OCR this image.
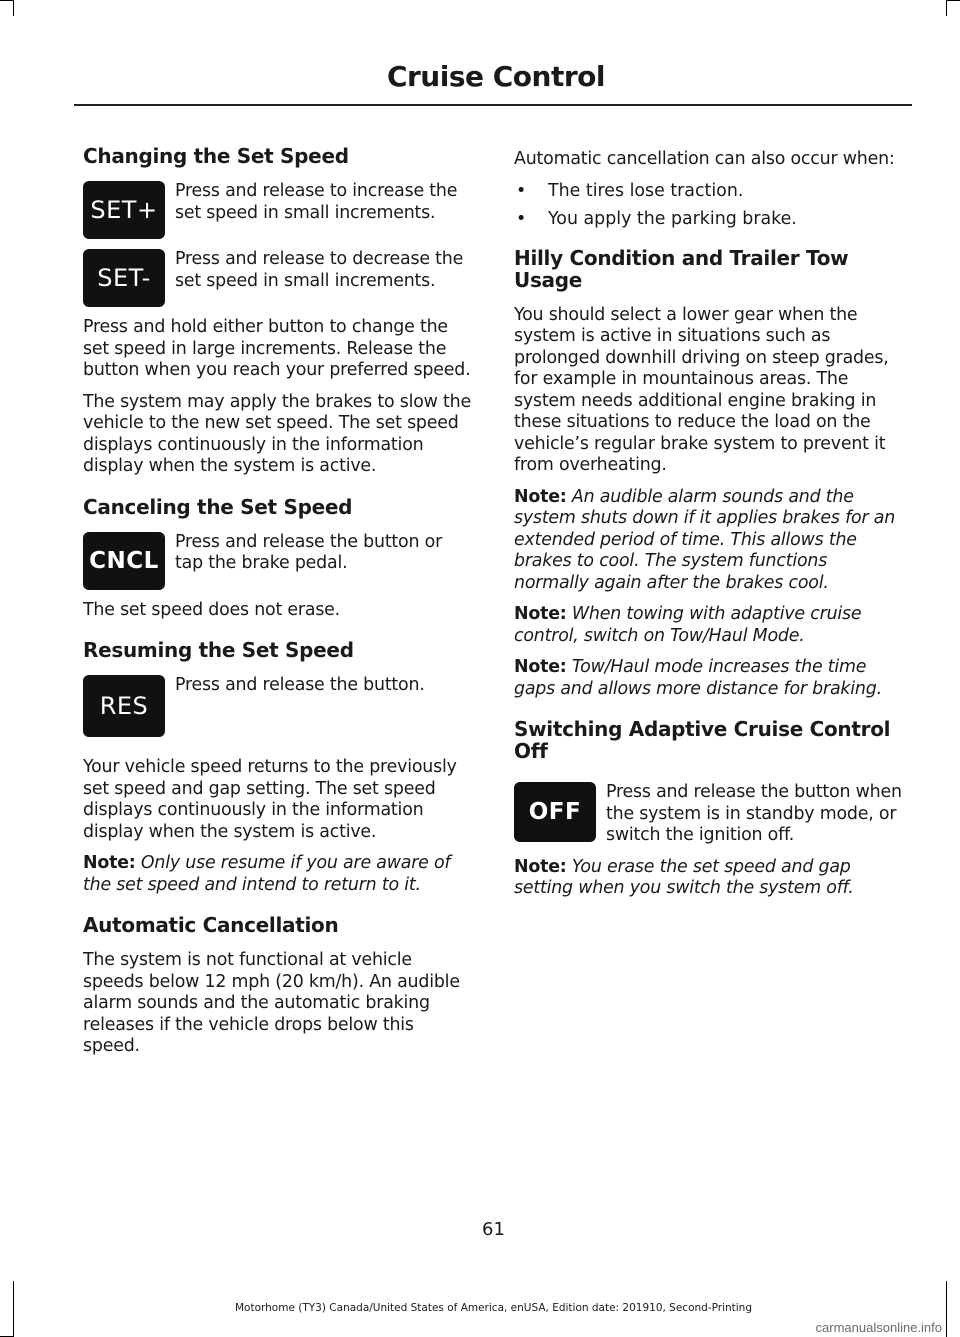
Cruise Control
Changing the Set Speed
SET+

Press and release to increase the set speed in small increments.

SET-

Press and release to decrease the set speed in small increments.

Press and hold either button to change the set speed in large increments. Release the button when you reach your preferred speed.

The system may apply the brakes to slow the vehicle to the new set speed. The set speed displays continuously in the information display when the system is active.

Canceling the Set Speed
CNCL

Press and release the button or tap the brake pedal.

The set speed does not erase.

Resuming the Set Speed
RES

Press and release the button.

Your vehicle speed returns to the previously set speed and gap setting. The set speed displays continuously in the information display when the system is active.

Note: Only use resume if you are aware of the set speed and intend to return to it.

Automatic Cancellation

The system is not functional at vehicle speeds below 12 mph (20 km/h). An audible alarm sounds and the automatic braking releases if the vehicle drops below this speed.

Automatic cancellation can also occur when:

• The tires lose traction.
• You apply the parking brake.
Hilly Condition and Trailer Tow Usage

You should select a lower gear when the system is active in situations such as prolonged downhill driving on steep grades, for example in mountainous areas. The system needs additional engine braking in these situations to reduce the load on the vehicle’s regular brake system to prevent it from overheating.

Note: An audible alarm sounds and the system shuts down if it applies brakes for an extended period of time. This allows the brakes to cool. The system functions normally again after the brakes cool.

Note: When towing with adaptive cruise control, switch on Tow/Haul Mode.

Note: Tow/Haul mode increases the time gaps and allows more distance for braking.

Switching Adaptive Cruise Control Off
OFF

Press and release the button when the system is in standby mode, or switch the ignition off.

Note: You erase the set speed and gap setting when you switch the system off.

61
Motorhome (TY3) Canada/United States of America, enUSA, Edition date: 201910, Second-Printing
carmanualsonline.info
